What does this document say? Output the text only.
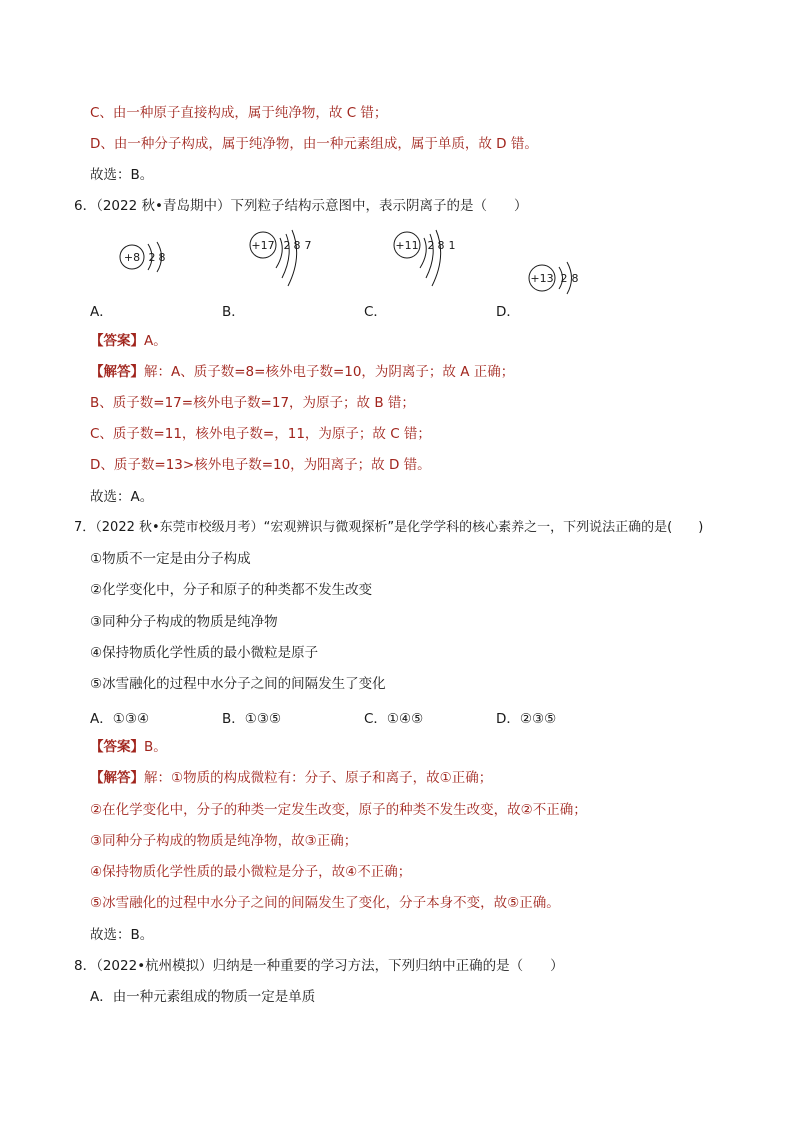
C、由一种原子直接构成，属于纯净物，故 C 错；
D、由一种分子构成，属于纯净物，由一种元素组成，属于单质，故 D 错。
故选：B。
6．（2022 秋•青岛期中）下列粒子结构示意图中，表示阴离子的是（　　）
+8 2 8
+17 2 8 7	+11 2 8 1
+13 2 8
A．	B．	C．	D．
【答案】A。
【解答】解：A、质子数=8=核外电子数=10，为阴离子；故 A 正确；
B、质子数=17=核外电子数=17，为原子；故 B 错；
C、质子数=11，核外电子数=，11，为原子；故 C 错；
D、质子数=13>核外电子数=10，为阳离子；故 D 错。
故选：A。
7．（2022 秋•东莞市校级月考）“宏观辨识与微观探析”是化学学科的核心素养之一，下列说法正确的是(　　)
①物质不一定是由分子构成
②化学变化中，分子和原子的种类都不发生改变
③同种分子构成的物质是纯净物
④保持物质化学性质的最小微粒是原子
⑤冰雪融化的过程中水分子之间的间隔发生了变化
A．①③④	B．①③⑤	C．①④⑤	D．②③⑤
【答案】B。
【解答】解：①物质的构成微粒有：分子、原子和离子，故①正确；
②在化学变化中，分子的种类一定发生改变，原子的种类不发生改变，故②不正确；
③同种分子构成的物质是纯净物，故③正确；
④保持物质化学性质的最小微粒是分子，故④不正确；
⑤冰雪融化的过程中水分子之间的间隔发生了变化，分子本身不变，故⑤正确。
故选：B。
8．（2022•杭州模拟）归纳是一种重要的学习方法，下列归纳中正确的是（　　）
A．由一种元素组成的物质一定是单质
